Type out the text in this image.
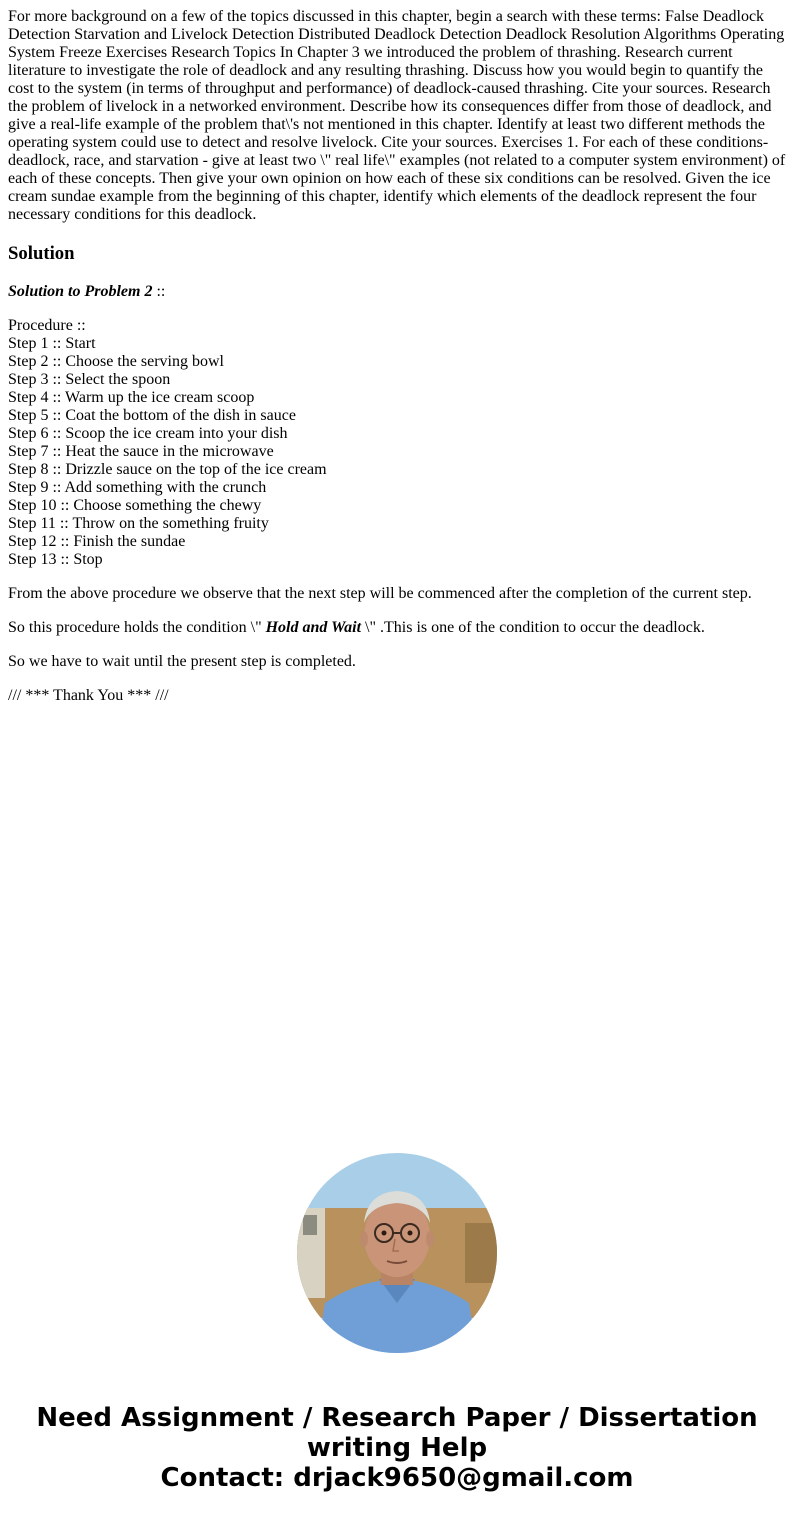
For more background on a few of the topics discussed in this chapter, begin a search with these terms: False Deadlock Detection Starvation and Livelock Detection Distributed Deadlock Detection Deadlock Resolution Algorithms Operating System Freeze Exercises Research Topics In Chapter 3 we introduced the problem of thrashing. Research current literature to investigate the role of deadlock and any resulting thrashing. Discuss how you would begin to quantify the cost to the system (in terms of throughput and performance) of deadlock-caused thrashing. Cite your sources. Research the problem of livelock in a networked environment. Describe how its consequences differ from those of deadlock, and give a real-life example of the problem that\'s not mentioned in this chapter. Identify at least two different methods the operating system could use to detect and resolve livelock. Cite your sources. Exercises 1. For each of these conditions- deadlock, race, and starvation - give at least two \" real life\" examples (not related to a computer system environment) of each of these concepts. Then give your own opinion on how each of these six conditions can be resolved. Given the ice cream sundae example from the beginning of this chapter, identify which elements of the deadlock represent the four necessary conditions for this deadlock.

Solution

Solution to Problem 2 ::

Procedure ::
Step 1 :: Start
Step 2 :: Choose the serving bowl
Step 3 :: Select the spoon
Step 4 :: Warm up the ice cream scoop
Step 5 :: Coat the bottom of the dish in sauce
Step 6 :: Scoop the ice cream into your dish
Step 7 :: Heat the sauce in the microwave
Step 8 :: Drizzle sauce on the top of the ice cream
Step 9 :: Add something with the crunch
Step 10 :: Choose something the chewy
Step 11 :: Throw on the something fruity
Step 12 :: Finish the sundae
Step 13 :: Stop

From the above procedure we observe that the next step will be commenced after the completion of the current step.

So this procedure holds the condition \" Hold and Wait \" .This is one of the condition to occur the deadlock.

So we have to wait until the present step is completed.

/// *** Thank You *** ///

Need Assignment / Research Paper / Dissertation
writing Help
Contact: drjack9650@gmail.com
